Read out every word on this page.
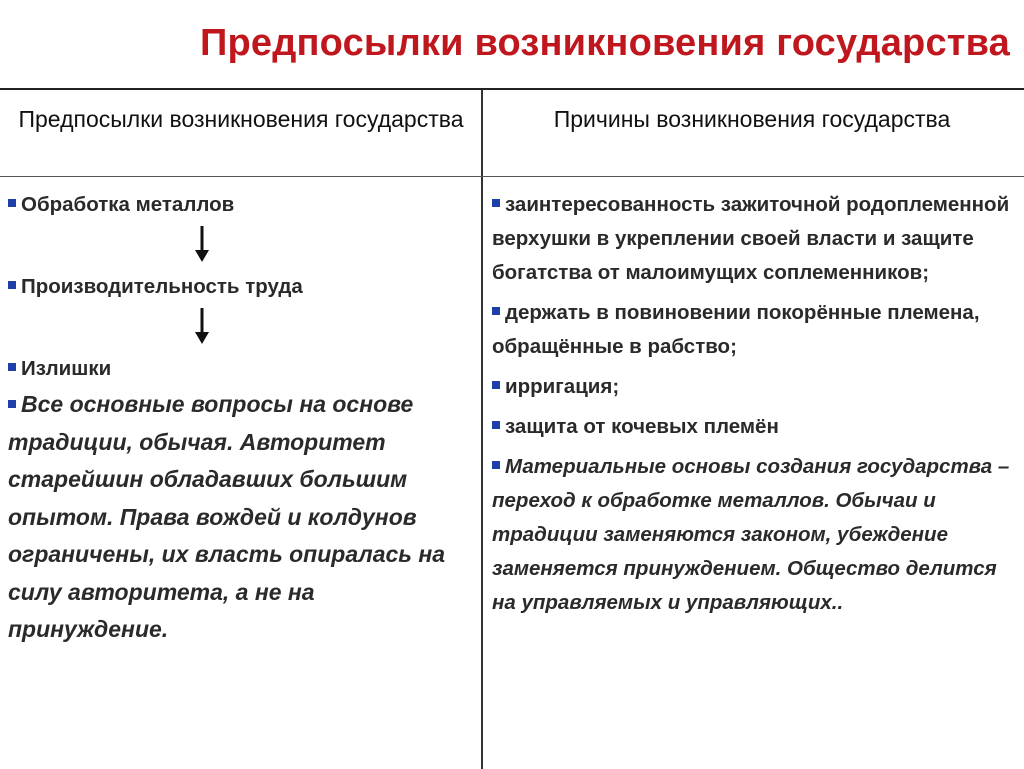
Предпосылки возникновения государства
Предпосылки возникновения государства	Причины возникновения государства

Обработка металлов

Производительность труда

Излишки

Все основные вопросы на основе традиции, обычая. Авторитет старейшин обладавших большим опытом. Права вождей и колдунов ограничены, их власть опиралась на силу авторитета, а не на принуждение.

заинтересованность зажиточной родоплеменной верхушки в укреплении своей власти и защите богатства от малоимущих соплеменников;

держать в повиновении покорённые племена, обращённые в рабство;

ирригация;

защита от кочевых племён

Материальные основы создания государства – переход к обработке металлов. Обычаи и традиции заменяются законом, убеждение заменяется принуждением. Общество делится на управляемых и управляющих..
